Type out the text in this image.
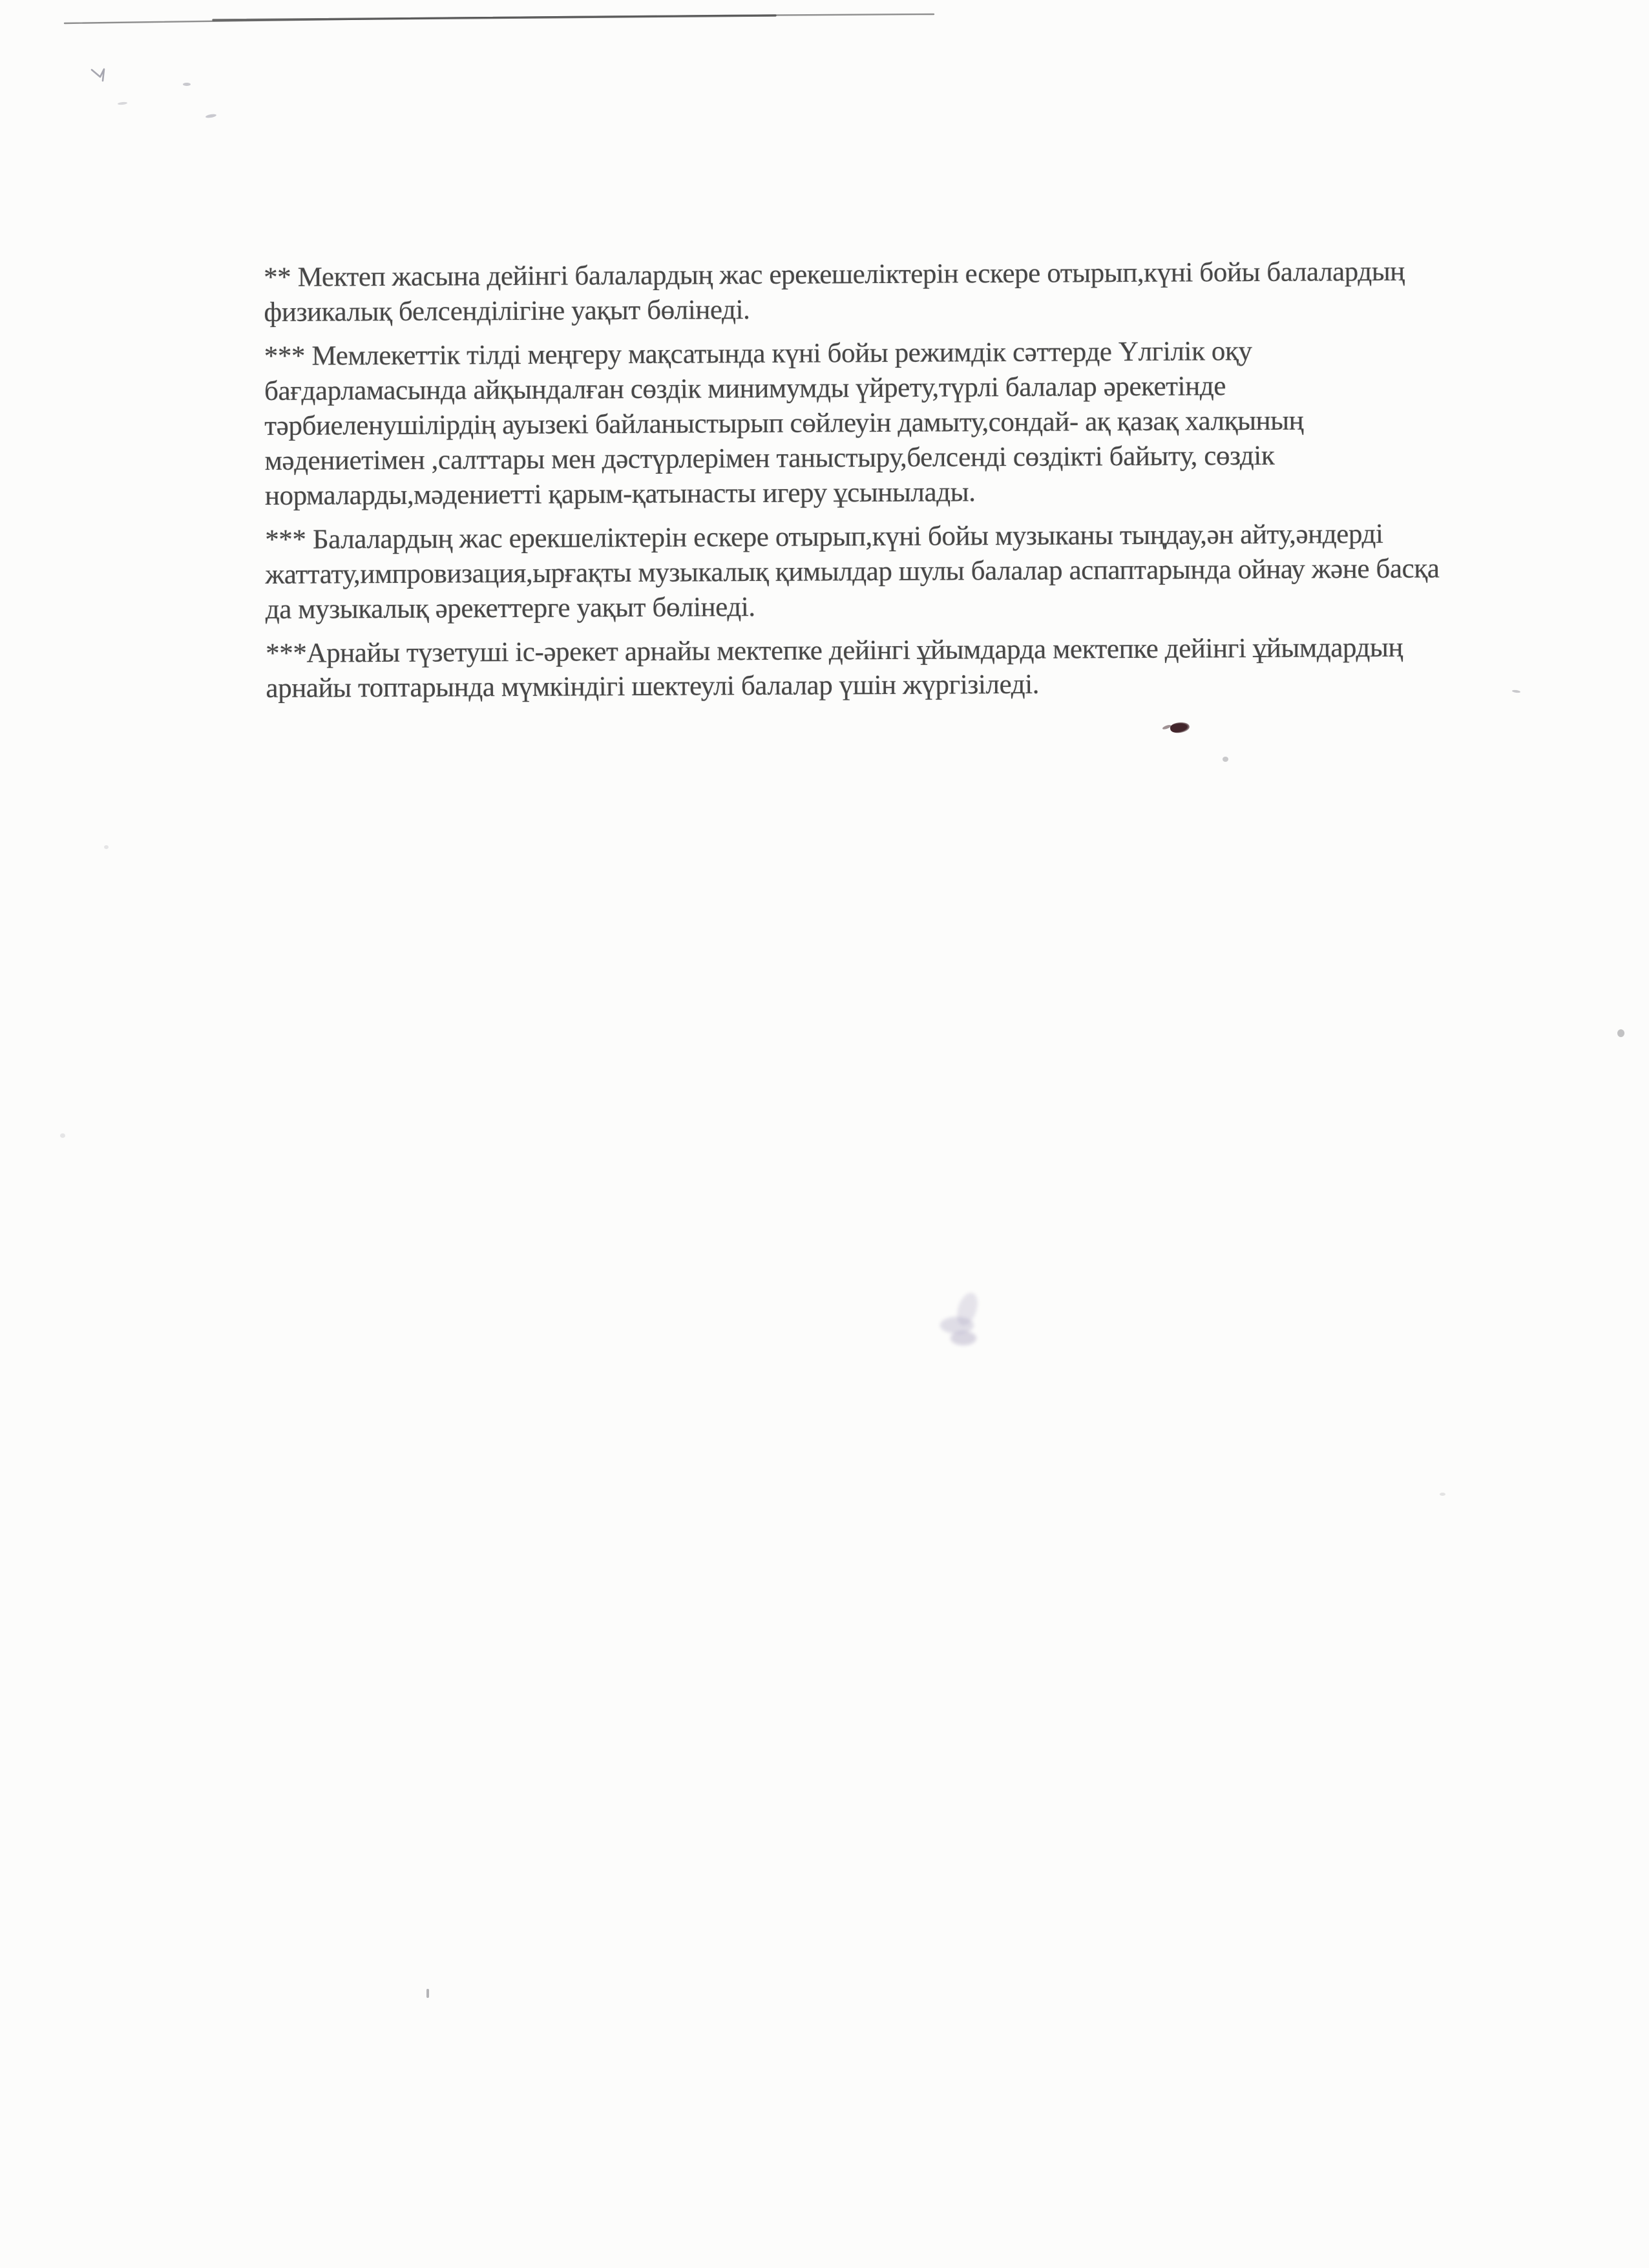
** Мектеп жасына дейінгі балалардың жас ерекешеліктерін ескере отырып,күні бойы балалардың
физикалық белсенділігіне уақыт бөлінеді.

*** Мемлекеттік тілді меңгеру мақсатында күні бойы режимдік сәттерде Үлгілік оқу
бағдарламасында айқындалған сөздік минимумды үйрету,түрлі балалар әрекетінде
тәрбиеленушілірдің ауызекі байланыстырып сөйлеуін дамыту,сондай- ақ қазақ халқының
мәдениетімен ,салттары мен дәстүрлерімен таныстыру,белсенді сөздікті байыту, сөздік
нормаларды,мәдениетті қарым-қатынасты игеру ұсынылады.

*** Балалардың жас ерекшеліктерін ескере отырып,күні бойы музыканы тыңдау,ән айту,әндерді
жаттату,импровизация,ырғақты музыкалық қимылдар шулы балалар аспаптарында ойнау және басқа
да музыкалық әрекеттерге уақыт бөлінеді.

***Арнайы түзетуші іс-әрекет арнайы мектепке дейінгі ұйымдарда мектепке дейінгі ұйымдардың
арнайы топтарында мүмкіндігі шектеулі балалар үшін жүргізіледі.
